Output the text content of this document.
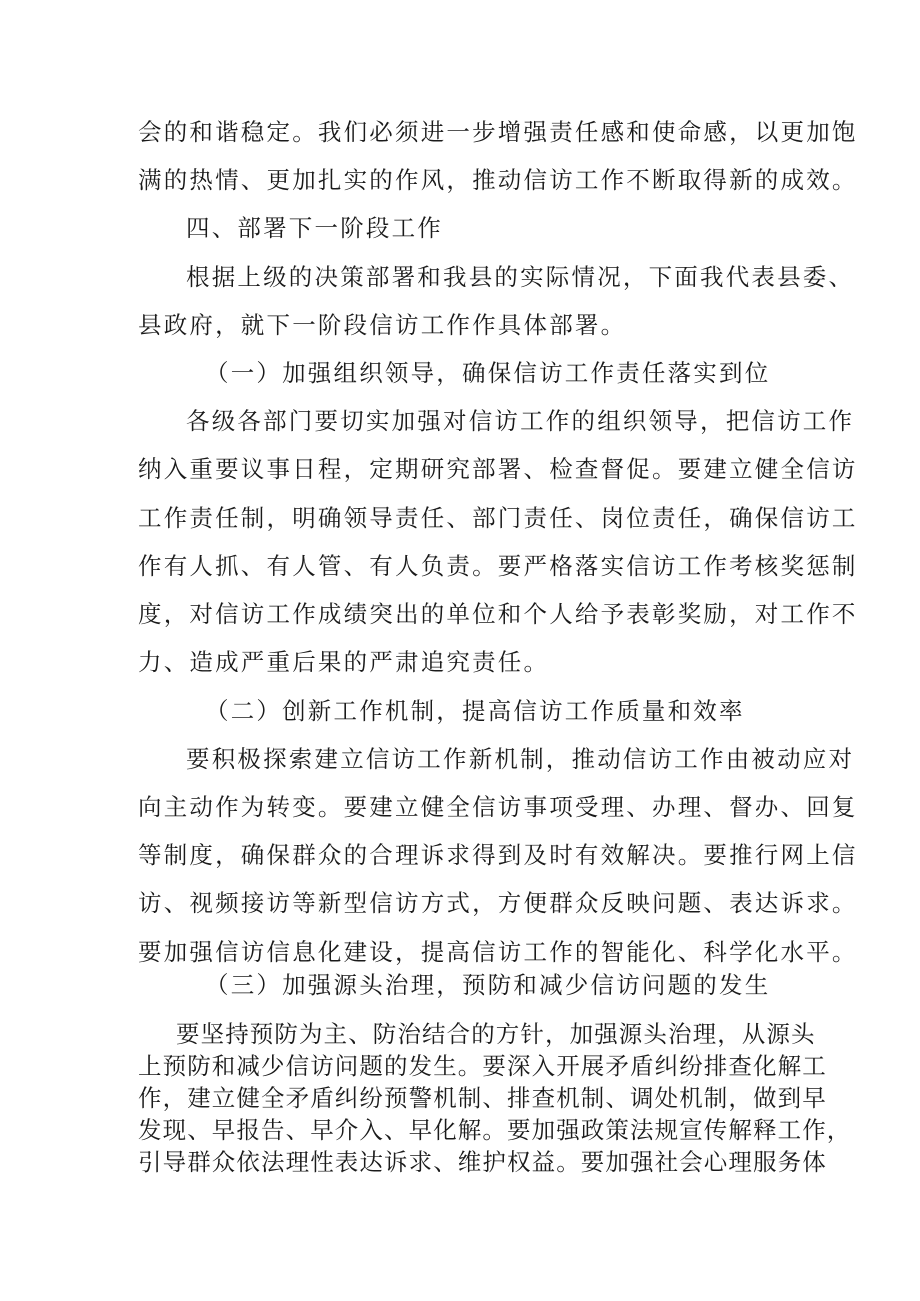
会的和谐稳定。我们必须进一步增强责任感和使命感，以更加饱
满的热情、更加扎实的作风，推动信访工作不断取得新的成效。
四、部署下一阶段工作
根据上级的决策部署和我县的实际情况，下面我代表县委、
县政府，就下一阶段信访工作作具体部署。
（一）加强组织领导，确保信访工作责任落实到位
各级各部门要切实加强对信访工作的组织领导，把信访工作
纳入重要议事日程，定期研究部署、检查督促。要建立健全信访
工作责任制，明确领导责任、部门责任、岗位责任，确保信访工
作有人抓、有人管、有人负责。要严格落实信访工作考核奖惩制
度，对信访工作成绩突出的单位和个人给予表彰奖励，对工作不
力、造成严重后果的严肃追究责任。
（二）创新工作机制，提高信访工作质量和效率
要积极探索建立信访工作新机制，推动信访工作由被动应对
向主动作为转变。要建立健全信访事项受理、办理、督办、回复
等制度，确保群众的合理诉求得到及时有效解决。要推行网上信
访、视频接访等新型信访方式，方便群众反映问题、表达诉求。
要加强信访信息化建设，提高信访工作的智能化、科学化水平。
（三）加强源头治理，预防和减少信访问题的发生
要坚持预防为主、防治结合的方针，加强源头治理，从源头
上预防和减少信访问题的发生。要深入开展矛盾纠纷排查化解工
作，建立健全矛盾纠纷预警机制、排查机制、调处机制，做到早
发现、早报告、早介入、早化解。要加强政策法规宣传解释工作，
引导群众依法理性表达诉求、维护权益。要加强社会心理服务体
